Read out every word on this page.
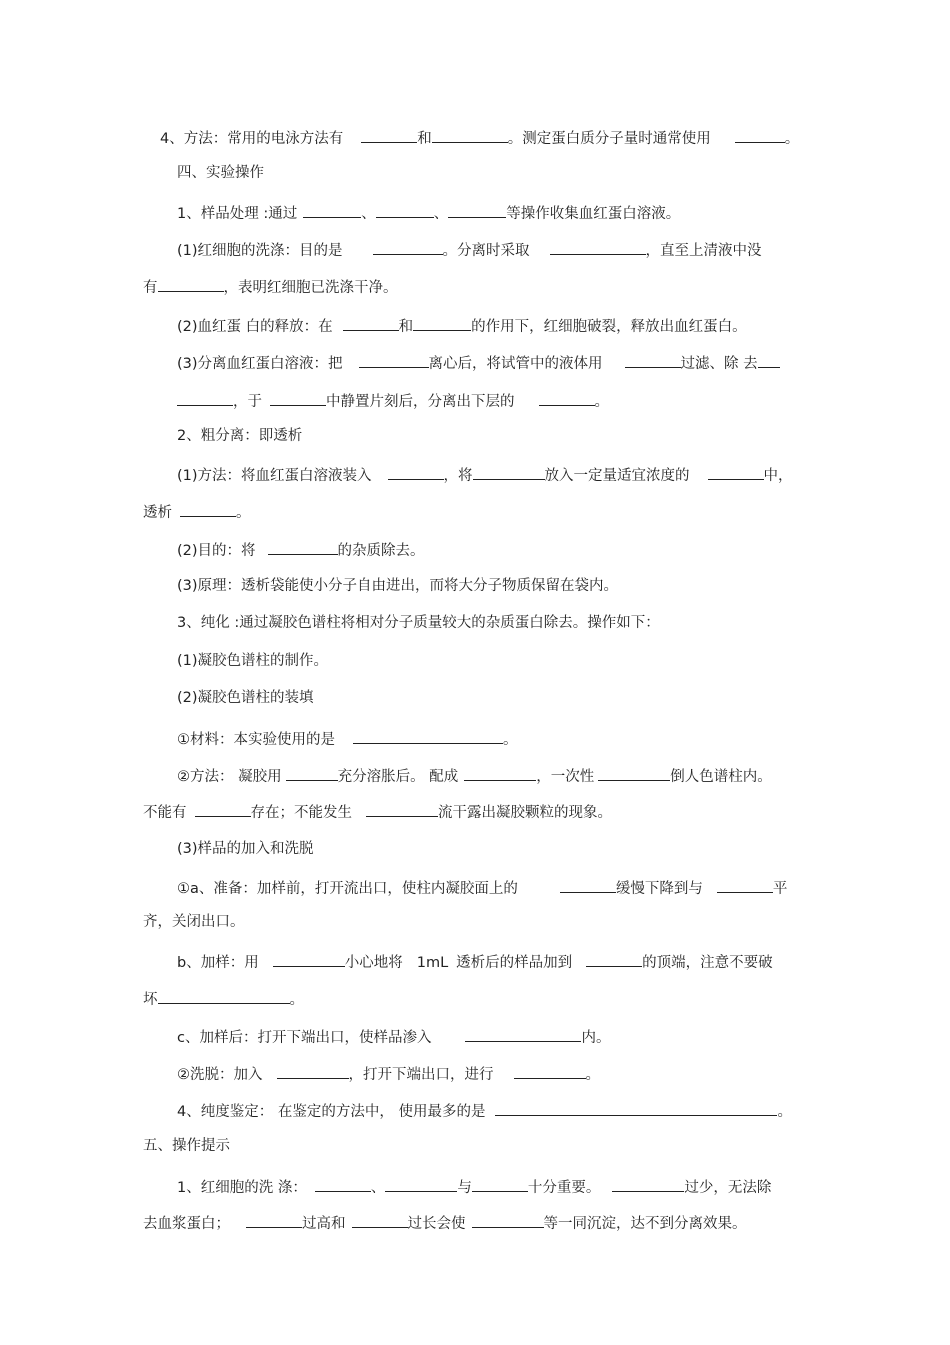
4、方法：常用的电泳方法有	和	。测定蛋白质分子量时通常使用	。
四、实验操作
1、样品处理 :通过	、	、	等操作收集血红蛋白溶液。
(1)红细胞的洗涤：目的是	。分离时采取	，直至上清液中没
有	，表明红细胞已洗涤干净。
(2)血红蛋 白的释放：在	和	的作用下，红细胞破裂，释放出血红蛋白。
(3)分离血红蛋白溶液：把	离心后，将试管中的液体用	过滤、除 去
，于	中静置片刻后，分离出下层的	。
2、粗分离：即透析
(1)方法：将血红蛋白溶液装入	，将	放入一定量适宜浓度的	中，
透析	。
(2)目的：将	的杂质除去。
(3)原理：透析袋能使小分子自由进出，而将大分子物质保留在袋内。
3、纯化 :通过凝胶色谱柱将相对分子质量较大的杂质蛋白除去。操作如下：
(1)凝胶色谱柱的制作。
(2)凝胶色谱柱的装填
①材料：本实验使用的是	。
②方法： 凝胶用	充分溶胀后。 配成	，一次性	倒人色谱柱内。
不能有	存在；不能发生	流干露出凝胶颗粒的现象。
(3)样品的加入和洗脱
①a、准备：加样前，打开流出口，使柱内凝胶面上的	缓慢下降到与	平
齐，关闭出口。
b、加样：用	小心地将 1mL 透析后的样品加到	的顶端，注意不要破
坏	。
c、加样后：打开下端出口，使样品渗入	内。
②洗脱：加入	，打开下端出口，进行	。
4、纯度鉴定： 在鉴定的方法中， 使用最多的是	。
五、操作提示
1、红细胞的洗 涤：	、	与	十分重要。	过少，无法除
去血浆蛋白；	过高和	过长会使	等一同沉淀，达不到分离效果。
